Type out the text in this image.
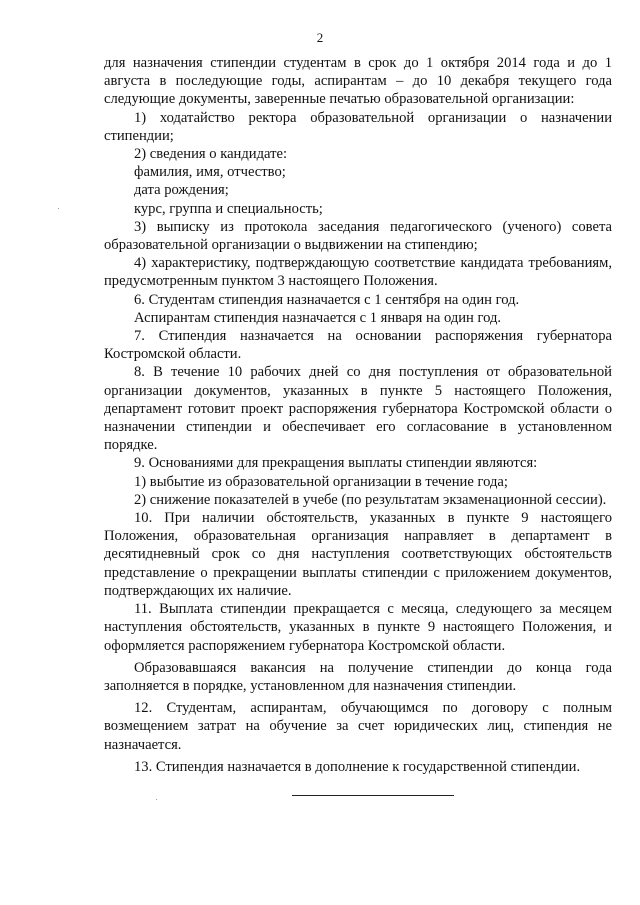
2

для назначения стипендии студентам в срок до 1 октября 2014 года и до 1 августа в последующие годы, аспирантам – до 10 декабря текущего года следующие документы, заверенные печатью образовательной организации:

1) ходатайство ректора образовательной организации о назначении стипендии;

2) сведения о кандидате:

фамилия, имя, отчество;

дата рождения;

курс, группа и специальность;

3) выписку из протокола заседания педагогического (ученого) совета образовательной организации о выдвижении на стипендию;

4) характеристику, подтверждающую соответствие кандидата требованиям, предусмотренным пунктом 3 настоящего Положения.

6. Студентам стипендия назначается с 1 сентября на один год.

Аспирантам стипендия назначается с 1 января на один год.

7. Стипендия назначается на основании распоряжения губернатора Костромской области.

8. В течение 10 рабочих дней со дня поступления от образовательной организации документов, указанных в пункте 5 настоящего Положения, департамент готовит проект распоряжения губернатора Костромской области о назначении стипендии и обеспечивает его согласование в установленном порядке.

9. Основаниями для прекращения выплаты стипендии являются:

1) выбытие из образовательной организации в течение года;

2) снижение показателей в учебе (по результатам экзаменационной сессии).

10. При наличии обстоятельств, указанных в пункте 9 настоящего Положения, образовательная организация направляет в департамент в десятидневный срок со дня наступления соответствующих обстоятельств представление о прекращении выплаты стипендии с приложением документов, подтверждающих их наличие.

11. Выплата стипендии прекращается с месяца, следующего за месяцем наступления обстоятельств, указанных в пункте 9 настоящего Положения, и оформляется распоряжением губернатора Костромской области.

Образовавшаяся вакансия на получение стипендии до конца года заполняется в порядке, установленном для назначения стипендии.

12. Студентам, аспирантам, обучающимся по договору с полным возмещением затрат на обучение за счет юридических лиц, стипендия не назначается.

13. Стипендия назначается в дополнение к государственной стипендии.
